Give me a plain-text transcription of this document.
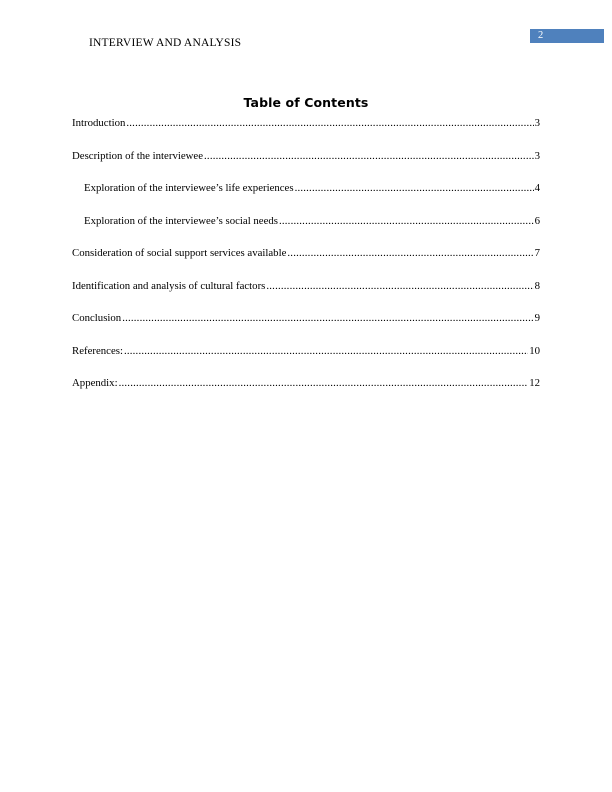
INTERVIEW AND ANALYSIS
2
Table of Contents
Introduction .....	3
Description of the interviewee .....	3
Exploration of the interviewee’s life experiences .....	4
Exploration of the interviewee’s social needs .....	6
Consideration of social support services available .....	7
Identification and analysis of cultural factors .....	8
Conclusion .....	9
References: .....	10
Appendix: .....	12
